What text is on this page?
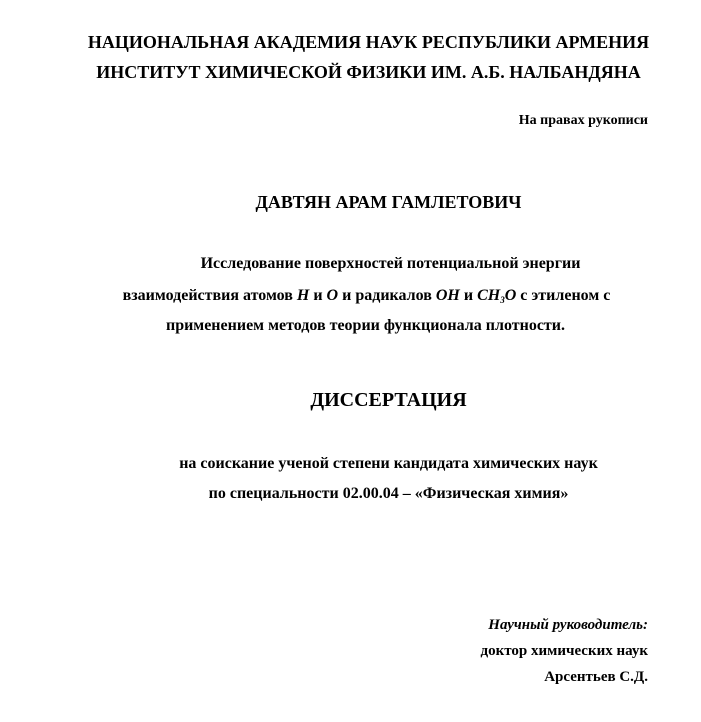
НАЦИОНАЛЬНАЯ АКАДЕМИЯ НАУК РЕСПУБЛИКИ АРМЕНИЯ
ИНСТИТУТ ХИМИЧЕСКОЙ ФИЗИКИ ИМ. А.Б. НАЛБАНДЯНА
На правах рукописи
ДАВТЯН АРАМ ГАМЛЕТОВИЧ
Исследование поверхностей потенциальной энергии
взаимодействия атомов H и O и радикалов OH и $CH_3O$ с этиленом с
применением методов теории функционала плотности.
ДИССЕРТАЦИЯ
на соискание ученой степени кандидата химических наук
по специальности 02.00.04 – «Физическая химия»
Научный руководитель:
доктор химических наук
Арсентьев С.Д.
